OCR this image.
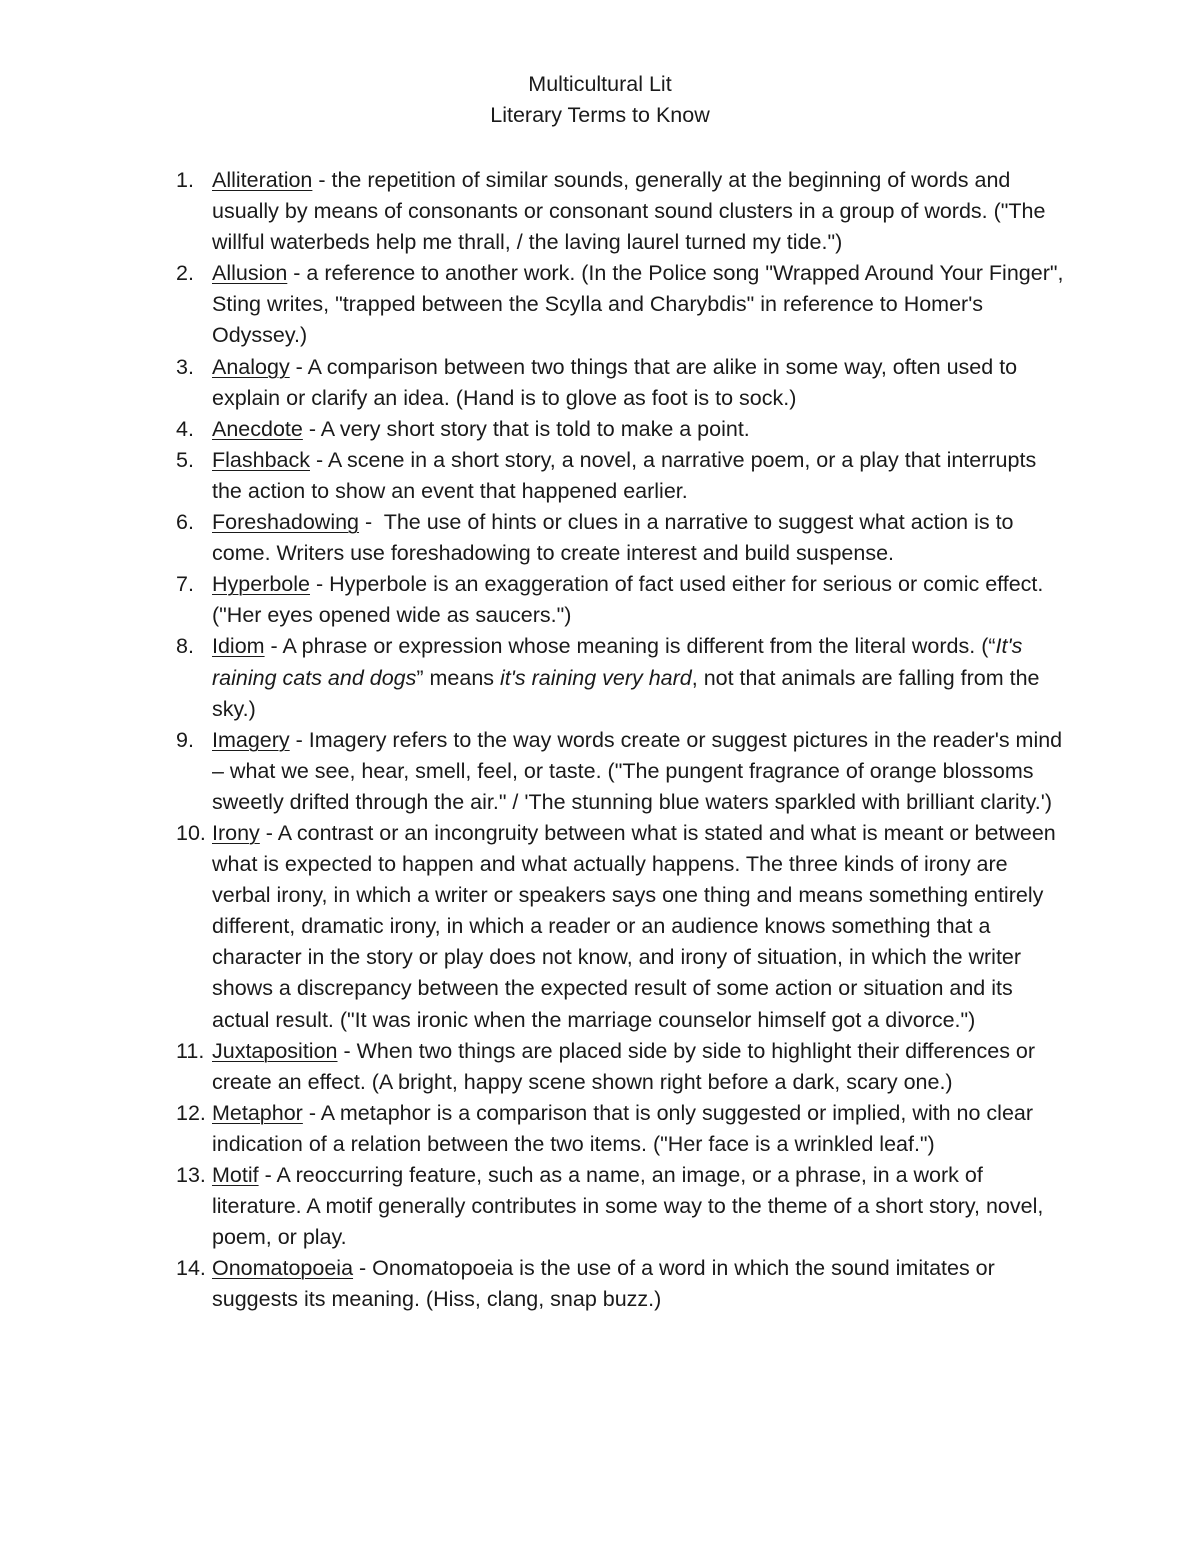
Multicultural Lit
Literary Terms to Know
1. Alliteration - the repetition of similar sounds, generally at the beginning of words and usually by means of consonants or consonant sound clusters in a group of words. ("The willful waterbeds help me thrall, / the laving laurel turned my tide.")
2. Allusion - a reference to another work. (In the Police song "Wrapped Around Your Finger", Sting writes, "trapped between the Scylla and Charybdis" in reference to Homer's Odyssey.)
3. Analogy - A comparison between two things that are alike in some way, often used to explain or clarify an idea. (Hand is to glove as foot is to sock.)
4. Anecdote - A very short story that is told to make a point.
5. Flashback - A scene in a short story, a novel, a narrative poem, or a play that interrupts the action to show an event that happened earlier.
6. Foreshadowing -  The use of hints or clues in a narrative to suggest what action is to come. Writers use foreshadowing to create interest and build suspense.
7. Hyperbole - Hyperbole is an exaggeration of fact used either for serious or comic effect. ("Her eyes opened wide as saucers.")
8. Idiom - A phrase or expression whose meaning is different from the literal words. (“It's raining cats and dogs” means it's raining very hard, not that animals are falling from the sky.)
9. Imagery - Imagery refers to the way words create or suggest pictures in the reader's mind – what we see, hear, smell, feel, or taste. ("The pungent fragrance of orange blossoms sweetly drifted through the air." / 'The stunning blue waters sparkled with brilliant clarity.')
10. Irony - A contrast or an incongruity between what is stated and what is meant or between what is expected to happen and what actually happens. The three kinds of irony are verbal irony, in which a writer or speakers says one thing and means something entirely different, dramatic irony, in which a reader or an audience knows something that a character in the story or play does not know, and irony of situation, in which the writer shows a discrepancy between the expected result of some action or situation and its actual result. ("It was ironic when the marriage counselor himself got a divorce.")
11. Juxtaposition - When two things are placed side by side to highlight their differences or create an effect. (A bright, happy scene shown right before a dark, scary one.)
12. Metaphor - A metaphor is a comparison that is only suggested or implied, with no clear indication of a relation between the two items. ("Her face is a wrinkled leaf.")
13. Motif - A reoccurring feature, such as a name, an image, or a phrase, in a work of literature. A motif generally contributes in some way to the theme of a short story, novel, poem, or play.
14. Onomatopoeia - Onomatopoeia is the use of a word in which the sound imitates or suggests its meaning. (Hiss, clang, snap buzz.)
